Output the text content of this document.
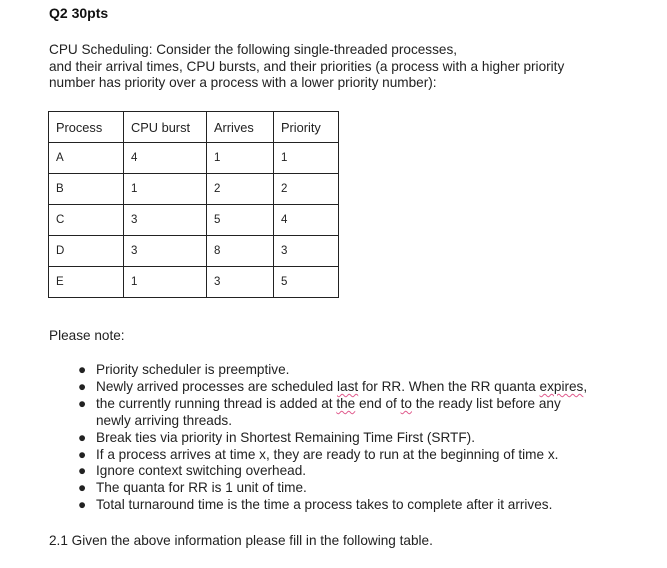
Q2 30pts
CPU Scheduling: Consider the following single-threaded processes,
and their arrival times, CPU bursts, and their priorities (a process with a higher priority
number has priority over a process with a lower priority number):
Process	CPU burst	Arrives	Priority
A	4	1	1
B	1	2	2
C	3	5	4
D	3	8	3
E	1	3	5

Please note:

● Priority scheduler is preemptive.
● Newly arrived processes are scheduled last for RR. When the RR quanta expires,
● the currently running thread is added at the end of to the ready list before any
newly arriving threads.
● Break ties via priority in Shortest Remaining Time First (SRTF).
● If a process arrives at time x, they are ready to run at the beginning of time x.
● Ignore context switching overhead.
● The quanta for RR is 1 unit of time.
● Total turnaround time is the time a process takes to complete after it arrives.

2.1 Given the above information please fill in the following table.
